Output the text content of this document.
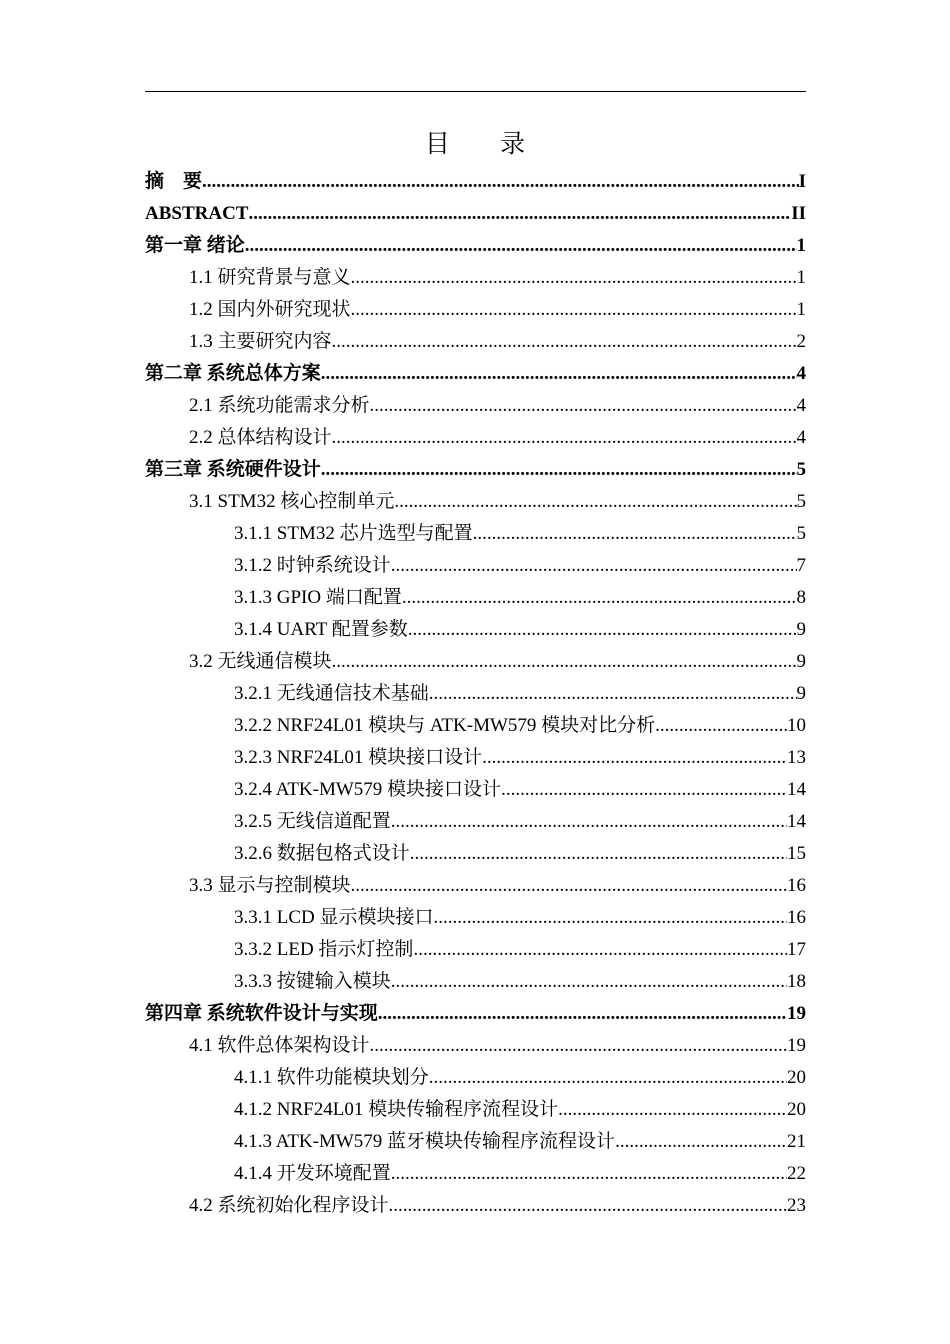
目 录
摘　要 .....	I
ABSTRACT .....	II
第一章 绪论 .....	1
1.1 研究背景与意义 .....	1
1.2 国内外研究现状 .....	1
1.3 主要研究内容 .....	2
第二章 系统总体方案 .....	4
2.1 系统功能需求分析 .....	4
2.2 总体结构设计 .....	4
第三章 系统硬件设计 .....	5
3.1 STM32 核心控制单元 .....	5
3.1.1 STM32 芯片选型与配置 .....	5
3.1.2 时钟系统设计 .....	7
3.1.3 GPIO 端口配置 .....	8
3.1.4 UART 配置参数 .....	9
3.2 无线通信模块 .....	9
3.2.1 无线通信技术基础 .....	9
3.2.2 NRF24L01 模块与 ATK-MW579 模块对比分析 .....	10
3.2.3 NRF24L01 模块接口设计 .....	13
3.2.4 ATK-MW579 模块接口设计 .....	14
3.2.5 无线信道配置 .....	14
3.2.6 数据包格式设计 .....	15
3.3 显示与控制模块 .....	16
3.3.1 LCD 显示模块接口 .....	16
3.3.2 LED 指示灯控制 .....	17
3.3.3 按键输入模块 .....	18
第四章 系统软件设计与实现 .....	19
4.1 软件总体架构设计 .....	19
4.1.1 软件功能模块划分 .....	20
4.1.2 NRF24L01 模块传输程序流程设计 .....	20
4.1.3 ATK-MW579 蓝牙模块传输程序流程设计 .....	21
4.1.4 开发环境配置 .....	22
4.2 系统初始化程序设计 .....	23
